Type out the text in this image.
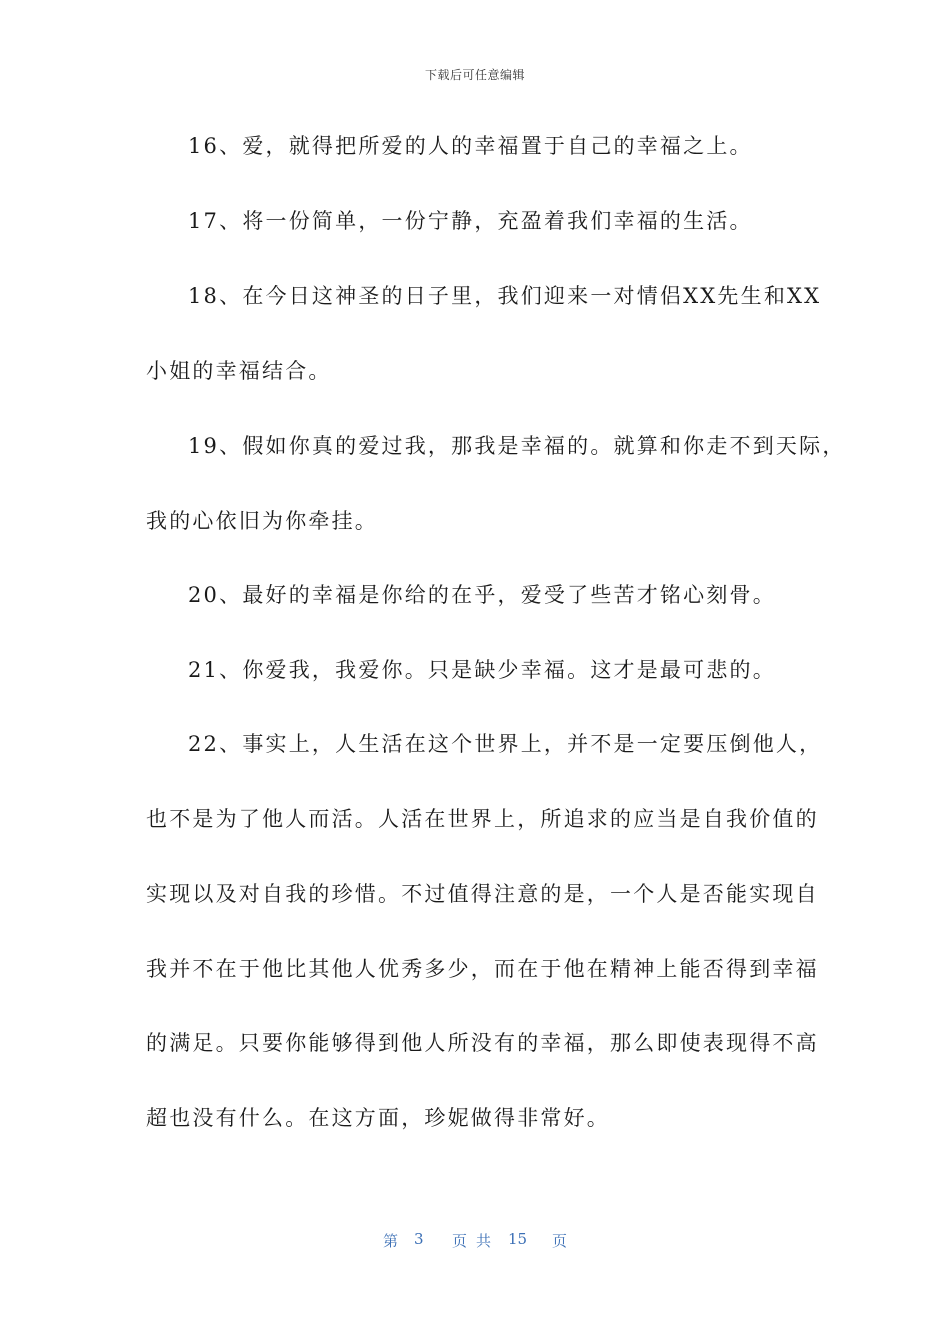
下载后可任意编辑
16、爱，就得把所爱的人的幸福置于自己的幸福之上。
17、将一份简单，一份宁静，充盈着我们幸福的生活。
18、在今日这神圣的日子里，我们迎来一对情侣XX先生和XX
小姐的幸福结合。
19、假如你真的爱过我，那我是幸福的。就算和你走不到天际，
我的心依旧为你牵挂。
20、最好的幸福是你给的在乎，爱受了些苦才铭心刻骨。
21、你爱我，我爱你。只是缺少幸福。这才是最可悲的。
22、事实上，人生活在这个世界上，并不是一定要压倒他人，
也不是为了他人而活。人活在世界上，所追求的应当是自我价值的
实现以及对自我的珍惜。不过值得注意的是，一个人是否能实现自
我并不在于他比其他人优秀多少，而在于他在精神上能否得到幸福
的满足。只要你能够得到他人所没有的幸福，那么即使表现得不高
超也没有什么。在这方面，珍妮做得非常好。
第 3 页 共 15 页
